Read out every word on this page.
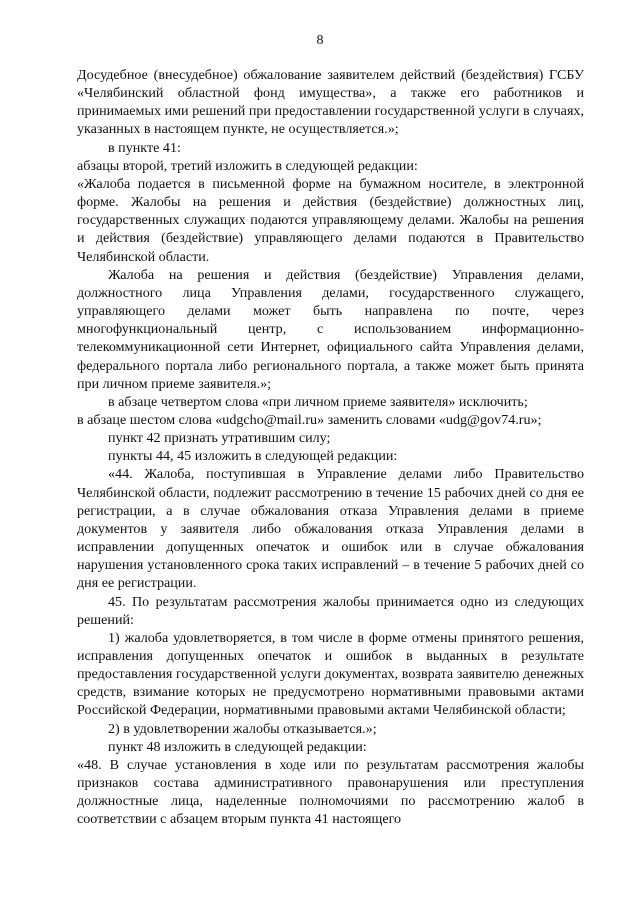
8

Досудебное (внесудебное) обжалование заявителем действий (бездействия) ГСБУ «Челябинский областной фонд имущества», а также его работников и принимаемых ими решений при предоставлении государственной услуги в случаях, указанных в настоящем пункте, не осуществляется.»;

в пункте 41:

абзацы второй, третий изложить в следующей редакции:

«Жалоба подается в письменной форме на бумажном носителе, в электронной форме. Жалобы на решения и действия (бездействие) должностных лиц, государственных служащих подаются управляющему делами. Жалобы на решения и действия (бездействие) управляющего делами подаются в Правительство Челябинской области.

Жалоба на решения и действия (бездействие) Управления делами, должностного лица Управления делами, государственного служащего, управляющего делами может быть направлена по почте, через многофункциональный центр, с использованием информационно-телекоммуникационной сети Интернет, официального сайта Управления делами, федерального портала либо регионального портала, а также может быть принята при личном приеме заявителя.»;

в абзаце четвертом слова «при личном приеме заявителя» исключить;

в абзаце шестом слова «udgcho@mail.ru» заменить словами «udg@gov74.ru»;

пункт 42 признать утратившим силу;

пункты 44, 45 изложить в следующей редакции:

«44. Жалоба, поступившая в Управление делами либо Правительство Челябинской области, подлежит рассмотрению в течение 15 рабочих дней со дня ее регистрации, а в случае обжалования отказа Управления делами в приеме документов у заявителя либо обжалования отказа Управления делами в исправлении допущенных опечаток и ошибок или в случае обжалования нарушения установленного срока таких исправлений – в течение 5 рабочих дней со дня ее регистрации.

45. По результатам рассмотрения жалобы принимается одно из следующих решений:

1) жалоба удовлетворяется, в том числе в форме отмены принятого решения, исправления допущенных опечаток и ошибок в выданных в результате предоставления государственной услуги документах, возврата заявителю денежных средств, взимание которых не предусмотрено нормативными правовыми актами Российской Федерации, нормативными правовыми актами Челябинской области;

2) в удовлетворении жалобы отказывается.»;

пункт 48 изложить в следующей редакции:

«48. В случае установления в ходе или по результатам рассмотрения жалобы признаков состава административного правонарушения или преступления должностные лица, наделенные полномочиями по рассмотрению жалоб в соответствии с абзацем вторым пункта 41 настоящего
